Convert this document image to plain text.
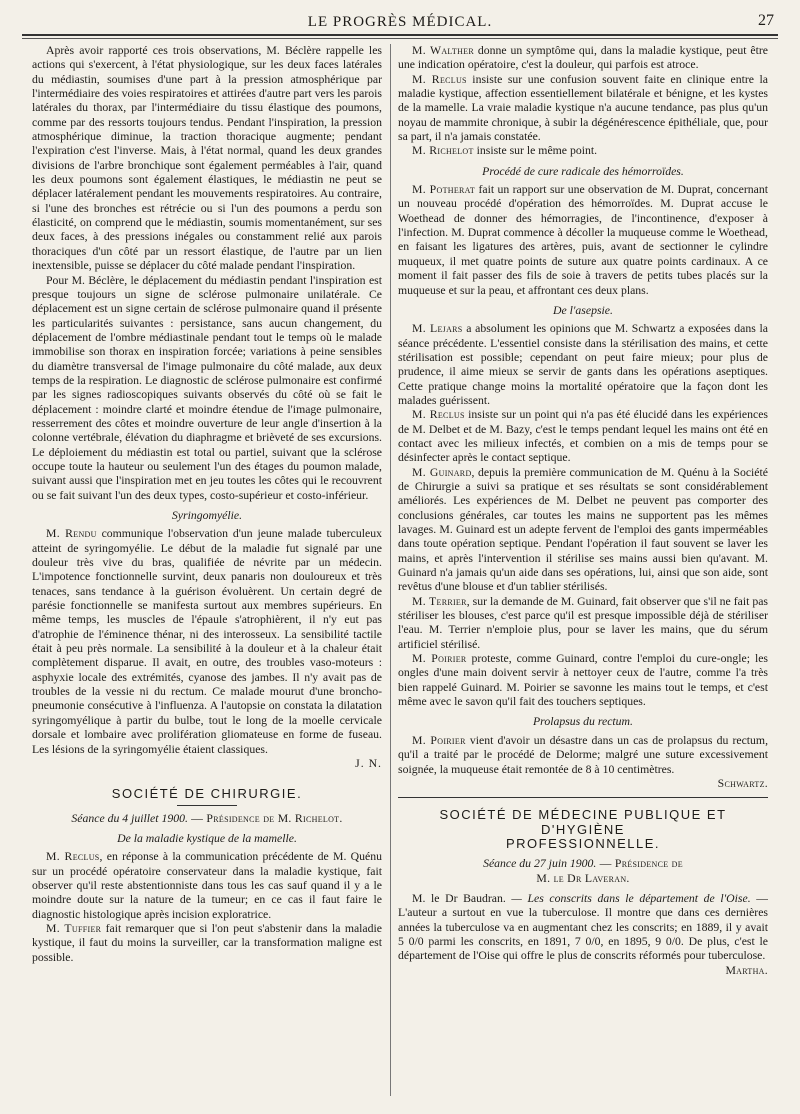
LE PROGRÈS MÉDICAL.	27

Après avoir rapporté ces trois observations, M. Béclère rappelle les actions qui s'exercent, à l'état physiologique, sur les deux faces latérales du médiastin, soumises d'une part à la pression atmosphérique par l'intermédiaire des voies respiratoires et attirées d'autre part vers les parois latérales du thorax, par l'intermédiaire du tissu élastique des poumons, comme par des ressorts toujours tendus. Pendant l'inspiration, la pression atmosphérique diminue, la traction thoracique augmente; pendant l'expiration c'est l'inverse. Mais, à l'état normal, quand les deux grandes divisions de l'arbre bronchique sont également perméables à l'air, quand les deux poumons sont également élastiques, le médiastin ne peut se déplacer latéralement pendant les mouvements respiratoires. Au contraire, si l'une des bronches est rétrécie ou si l'un des poumons a perdu son élasticité, on comprend que le médiastin, soumis momentanément, sur ses deux faces, à des pressions inégales ou constamment relié aux parois thoraciques d'un côté par un ressort élastique, de l'autre par un lien inextensible, puisse se déplacer du côté malade pendant l'inspiration.

Pour M. Béclère, le déplacement du médiastin pendant l'inspiration est presque toujours un signe de sclérose pulmonaire unilatérale. Ce déplacement est un signe certain de sclérose pulmonaire quand il présente les particularités suivantes : persistance, sans aucun changement, du déplacement de l'ombre médiastinale pendant tout le temps où le malade immobilise son thorax en inspiration forcée; variations à peine sensibles du diamètre transversal de l'image pulmonaire du côté malade, aux deux temps de la respiration. Le diagnostic de sclérose pulmonaire est confirmé par les signes radioscopiques suivants observés du côté où se fait le déplacement : moindre clarté et moindre étendue de l'image pulmonaire, resserrement des côtes et moindre ouverture de leur angle d'insertion à la colonne vertébrale, élévation du diaphragme et brièveté de ses excursions. Le déploiement du médiastin est total ou partiel, suivant que la sclérose occupe toute la hauteur ou seulement l'un des étages du poumon malade, suivant aussi que l'inspiration met en jeu toutes les côtes qui le recouvrent ou se fait suivant l'un des deux types, costo-supérieur et costo-inférieur.

Syringomyélie.

M. Rendu communique l'observation d'un jeune malade tuberculeux atteint de syringomyélie. Le début de la maladie fut signalé par une douleur très vive du bras, qualifiée de névrite par un médecin. L'impotence fonctionnelle survint, deux panaris non douloureux et très tenaces, sans tendance à la guérison évoluèrent. Un certain degré de parésie fonctionnelle se manifesta surtout aux membres supérieurs. En même temps, les muscles de l'épaule s'atrophièrent, il n'y eut pas d'atrophie de l'éminence thénar, ni des interosseux. La sensibilité tactile était à peu près normale. La sensibilité à la douleur et à la chaleur était complètement disparue. Il avait, en outre, des troubles vaso-moteurs : asphyxie locale des extrémités, cyanose des jambes. Il n'y avait pas de troubles de la vessie ni du rectum. Ce malade mourut d'une broncho-pneumonie consécutive à l'influenza. A l'autopsie on constata la dilatation syringomyélique à partir du bulbe, tout le long de la moelle cervicale dorsale et lombaire avec prolifération gliomateuse en forme de fuseau. Les lésions de la syringomyélie étaient classiques.

J. N.
SOCIÉTÉ DE CHIRURGIE.

Séance du 4 juillet 1900. — Présidence de M. Richelot.

De la maladie kystique de la mamelle.

M. Reclus, en réponse à la communication précédente de M. Quénu sur un procédé opératoire conservateur dans la maladie kystique, fait observer qu'il reste abstentionniste dans tous les cas sauf quand il y a le moindre doute sur la nature de la tumeur; en ce cas il faut faire le diagnostic histologique après incision exploratrice.

M. Tuffier fait remarquer que si l'on peut s'abstenir dans la maladie kystique, il faut du moins la surveiller, car la transformation maligne est possible.

M. Walther donne un symptôme qui, dans la maladie kystique, peut être une indication opératoire, c'est la douleur, qui parfois est atroce.

M. Reclus insiste sur une confusion souvent faite en clinique entre la maladie kystique, affection essentiellement bilatérale et bénigne, et les kystes de la mamelle. La vraie maladie kystique n'a aucune tendance, pas plus qu'un noyau de mammite chronique, à subir la dégénérescence épithéliale, que, pour sa part, il n'a jamais constatée.

M. Richelot insiste sur le même point.

Procédé de cure radicale des hémorroïdes.

M. Potherat fait un rapport sur une observation de M. Duprat, concernant un nouveau procédé d'opération des hémorroïdes. M. Duprat accuse le Woethead de donner des hémorragies, de l'incontinence, d'exposer à l'infection. M. Duprat commence à décoller la muqueuse comme le Woethead, en faisant les ligatures des artères, puis, avant de sectionner le cylindre muqueux, il met quatre points de suture aux quatre points cardinaux. A ce moment il fait passer des fils de soie à travers de petits tubes placés sur la muqueuse et sur la peau, et affrontant ces deux plans.

De l'asepsie.

M. Lejars a absolument les opinions que M. Schwartz a exposées dans la séance précédente. L'essentiel consiste dans la stérilisation des mains, et cette stérilisation est possible; cependant on peut faire mieux; pour plus de prudence, il aime mieux se servir de gants dans les opérations aseptiques. Cette pratique change moins la mortalité opératoire que la façon dont les malades guérissent.

M. Reclus insiste sur un point qui n'a pas été élucidé dans les expériences de M. Delbet et de M. Bazy, c'est le temps pendant lequel les mains ont été en contact avec les milieux infectés, et combien on a mis de temps pour se désinfecter après le contact septique.

M. Guinard, depuis la première communication de M. Quénu à la Société de Chirurgie a suivi sa pratique et ses résultats se sont considérablement améliorés. Les expériences de M. Delbet ne peuvent pas comporter des conclusions générales, car toutes les mains ne supportent pas les mêmes lavages. M. Guinard est un adepte fervent de l'emploi des gants imperméables dans toute opération septique. Pendant l'opération il faut souvent se laver les mains, et après l'intervention il stérilise ses mains aussi bien qu'avant. M. Guinard n'a jamais qu'un aide dans ses opérations, lui, ainsi que son aide, sont revêtus d'une blouse et d'un tablier stérilisés.

M. Terrier, sur la demande de M. Guinard, fait observer que s'il ne fait pas stériliser les blouses, c'est parce qu'il est presque impossible déjà de stériliser l'eau. M. Terrier n'emploie plus, pour se laver les mains, que du sérum artificiel stérilisé.

M. Poirier proteste, comme Guinard, contre l'emploi du cure-ongle; les ongles d'une main doivent servir à nettoyer ceux de l'autre, comme l'a très bien rappelé Guinard. M. Poirier se savonne les mains tout le temps, et c'est même avec le savon qu'il fait des touchers septiques.

Prolapsus du rectum.

M. Poirier vient d'avoir un désastre dans un cas de prolapsus du rectum, qu'il a traité par le procédé de Delorme; malgré une suture excessivement soignée, la muqueuse était remontée de 8 à 10 centimètres.

Schwartz.
SOCIÉTÉ DE MÉDECINE PUBLIQUE ET D'HYGIÈNE
PROFESSIONNELLE.

Séance du 27 juin 1900. — Présidence de

M. le Dr Laveran.

M. le Dr Baudran. — Les conscrits dans le département de l'Oise. — L'auteur a surtout en vue la tuberculose. Il montre que dans ces dernières années la tuberculose va en augmentant chez les conscrits; en 1889, il y avait 5 0/0 parmi les conscrits, en 1891, 7 0/0, en 1895, 9 0/0. De plus, c'est le département de l'Oise qui offre le plus de conscrits réformés pour tuberculose.

Martha.
